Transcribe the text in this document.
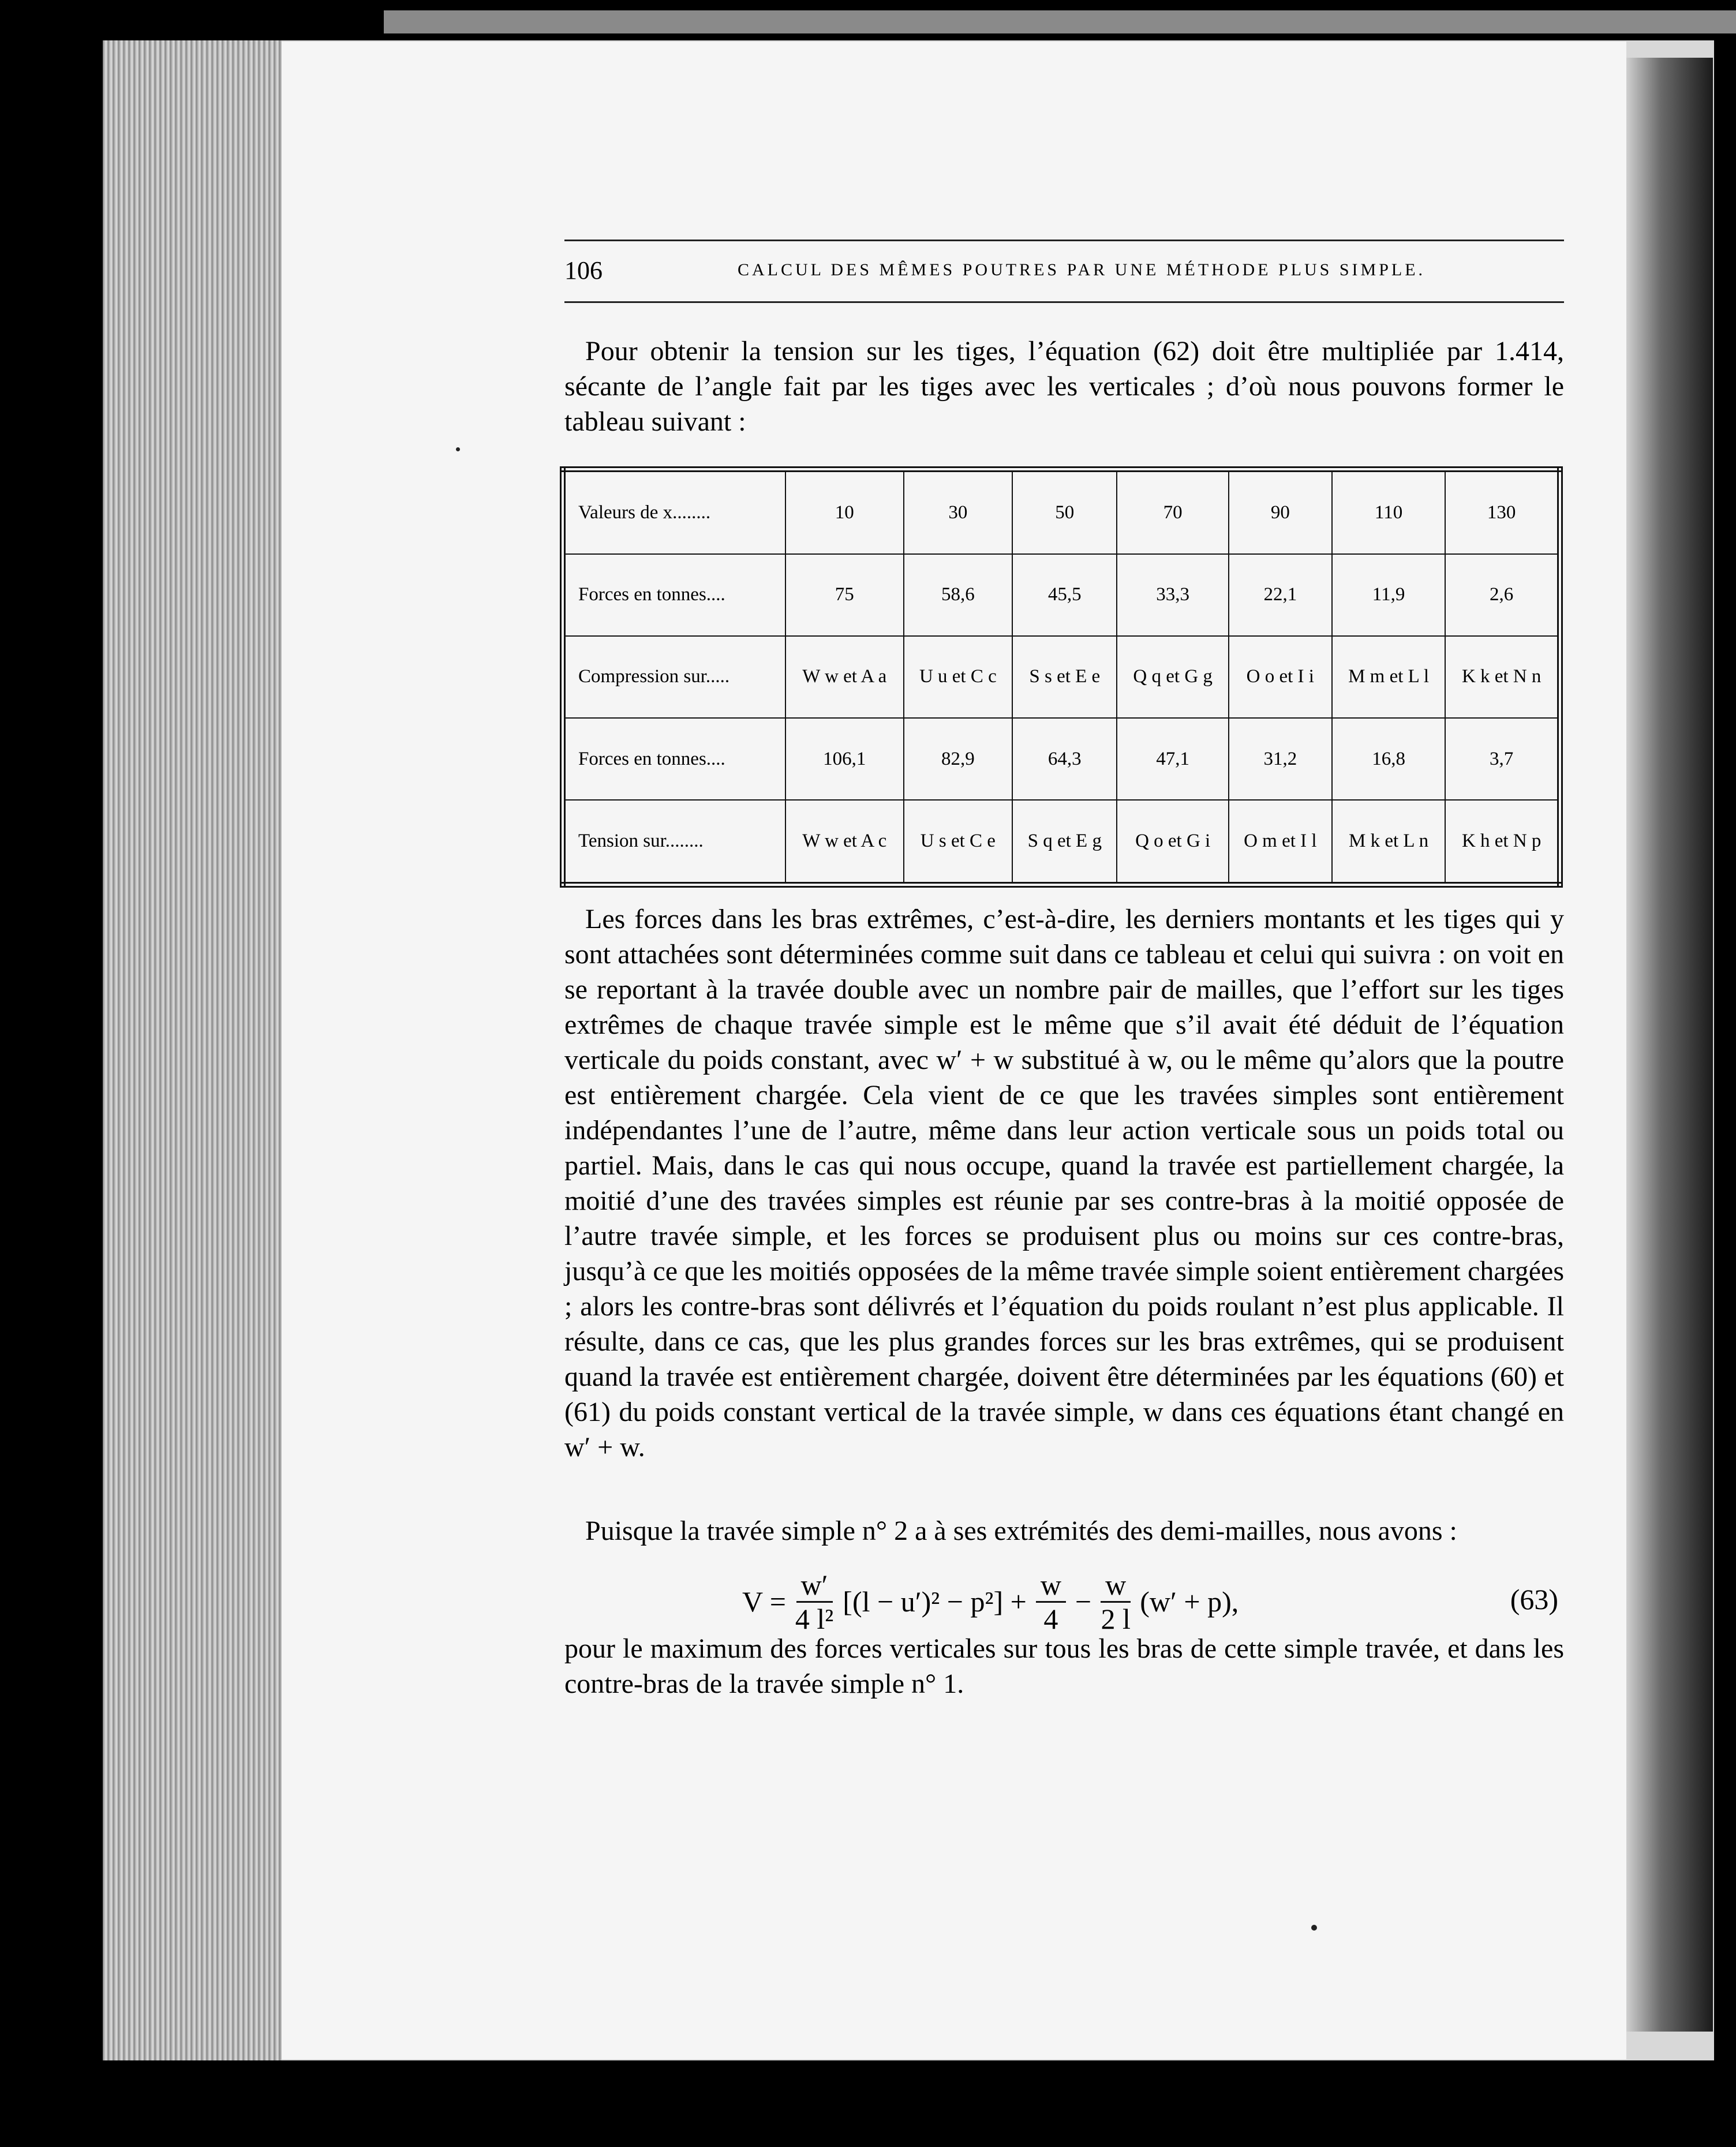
106	CALCUL DES MÊMES POUTRES PAR UNE MÉTHODE PLUS SIMPLE.

Pour obtenir la tension sur les tiges, l’équation (62) doit être multipliée par 1.414, sécante de l’angle fait par les tiges avec les verticales ; d’où nous pouvons former le tableau suivant :

Valeurs de x........	10	30	50	70	90	110	130
Forces en tonnes....	75	58,6	45,5	33,3	22,1	11,9	2,6
Compression sur.....	W w et A a	U u et C c	S s et E e	Q q et G g	O o et I i	M m et L l	K k et N n
Forces en tonnes....	106,1	82,9	64,3	47,1	31,2	16,8	3,7
Tension sur........	W w et A c	U s et C e	S q et E g	Q o et G i	O m et I l	M k et L n	K h et N p

Les forces dans les bras extrêmes, c’est-à-dire, les derniers montants et les tiges qui y sont attachées sont déterminées comme suit dans ce tableau et celui qui suivra : on voit en se reportant à la travée double avec un nombre pair de mailles, que l’effort sur les tiges extrêmes de chaque travée simple est le même que s’il avait été déduit de l’équation verticale du poids constant, avec w′ + w substitué à w, ou le même qu’alors que la poutre est entièrement chargée. Cela vient de ce que les travées simples sont entièrement indépendantes l’une de l’autre, même dans leur action verticale sous un poids total ou partiel. Mais, dans le cas qui nous occupe, quand la travée est partiellement chargée, la moitié d’une des travées simples est réunie par ses contre-bras à la moitié opposée de l’autre travée simple, et les forces se produisent plus ou moins sur ces contre-bras, jusqu’à ce que les moitiés opposées de la même travée simple soient entièrement chargées ; alors les contre-bras sont délivrés et l’équation du poids roulant n’est plus applicable. Il résulte, dans ce cas, que les plus grandes forces sur les bras extrêmes, qui se produisent quand la travée est entièrement chargée, doivent être déterminées par les équations (60) et (61) du poids constant vertical de la travée simple, w dans ces équations étant changé en w′ + w.

Puisque la travée simple n° 2 a à ses extrémités des demi-mailles, nous avons :

$V = \frac{w'}{\text{4 l²}} [(l - u')^2 - p^2] + \frac{w}{4} - \frac{w}{2 l} (w' + p)$,	(63)

pour le maximum des forces verticales sur tous les bras de cette simple travée, et dans les contre-bras de la travée simple n° 1.
